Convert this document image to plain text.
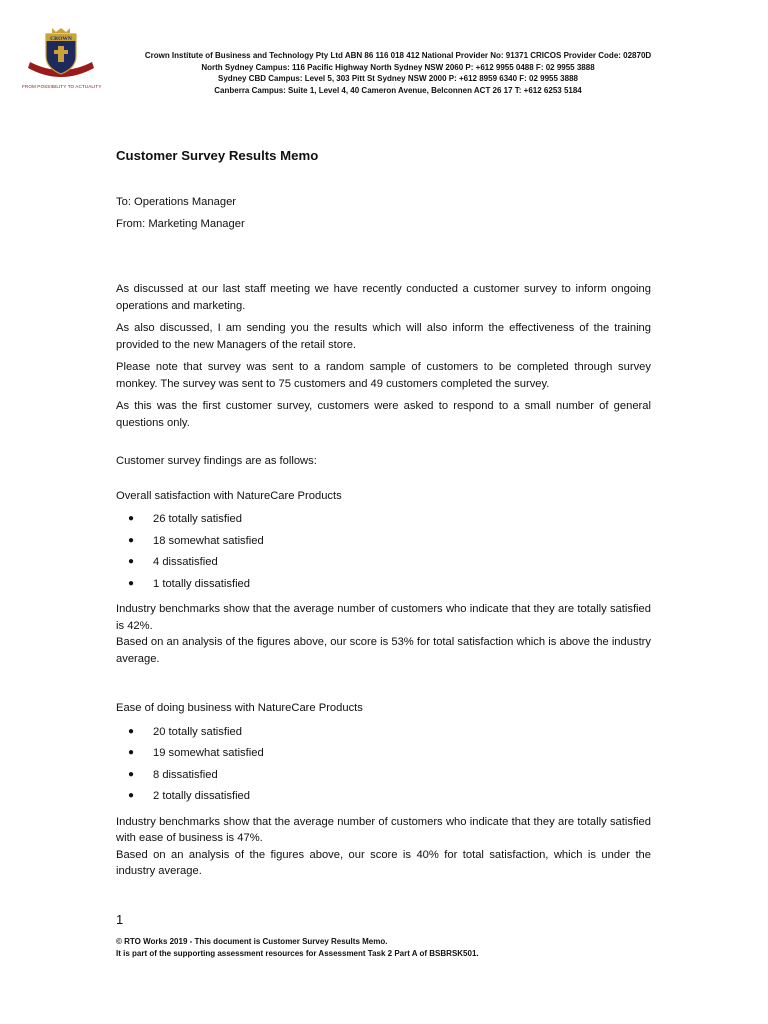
CROWN
FROM POSSIBILITY TO ACTUALITY
Crown Institute of Business and Technology Pty Ltd ABN 86 116 018 412 National Provider No: 91371 CRICOS Provider Code: 02870D
North Sydney Campus: 116 Pacific Highway North Sydney NSW 2060 P: +612 9955 0488 F: 02 9955 3888
Sydney CBD Campus: Level 5, 303 Pitt St Sydney NSW 2000 P: +612 8959 6340 F: 02 9955 3888
Canberra Campus: Suite 1, Level 4, 40 Cameron Avenue, Belconnen ACT 26 17 T: +612 6253 5184
Customer Survey Results Memo

To: Operations Manager

From: Marketing Manager

As discussed at our last staff meeting we have recently conducted a customer survey to inform ongoing operations and marketing.

As also discussed, I am sending you the results which will also inform the effectiveness of the training provided to the new Managers of the retail store.

Please note that survey was sent to a random sample of customers to be completed through survey monkey. The survey was sent to 75 customers and 49 customers completed the survey.

As this was the first customer survey, customers were asked to respond to a small number of general questions only.

Customer survey findings are as follows:

Overall satisfaction with NatureCare Products

● 26 totally satisfied
● 18 somewhat satisfied
● 4 dissatisfied
● 1 totally dissatisfied

Industry benchmarks show that the average number of customers who indicate that they are totally satisfied is 42%.

Based on an analysis of the figures above, our score is 53% for total satisfaction which is above the industry average.

Ease of doing business with NatureCare Products

● 20 totally satisfied
● 19 somewhat satisfied
● 8 dissatisfied
● 2 totally dissatisfied

Industry benchmarks show that the average number of customers who indicate that they are totally satisfied with ease of business is 47%.

Based on an analysis of the figures above, our score is 40% for total satisfaction, which is under the industry average.

1
© RTO Works 2019 - This document is Customer Survey Results Memo.
It is part of the supporting assessment resources for Assessment Task 2 Part A of BSBRSK501.
